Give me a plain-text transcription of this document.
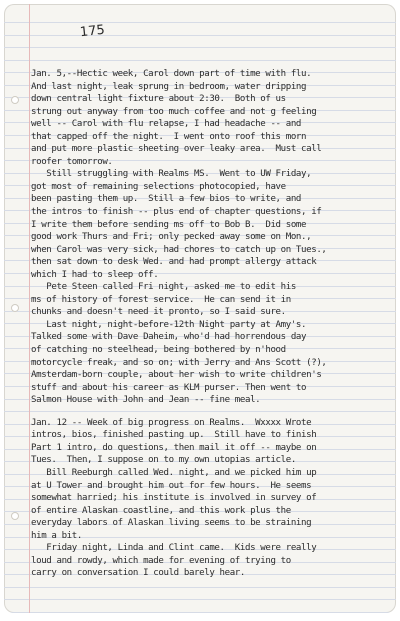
175
Jan. 5,--Hectic week, Carol down part of time with flu.
And last night, leak sprung in bedroom, water dripping
down central light fixture about 2:30.  Both of us
strung out anyway from too much coffee and not g feeling
well -- Carol with flu relapse, I had headache -- and
that capped off the night.  I went onto roof this morn
and put more plastic sheeting over leaky area.  Must call
roofer tomorrow.
Still struggling with Realms MS.  Went to UW Friday,
got most of remaining selections photocopied, have
been pasting them up.  Still a few bios to write, and
the intros to finish -- plus end of chapter questions, if
I write them before sending ms off to Bob B.  Did some
good work Thurs and Fri; only pecked away some on Mon.,
when Carol was very sick, had chores to catch up on Tues.,
then sat down to desk Wed. and had prompt allergy attack
which I had to sleep off.
Pete Steen called Fri night, asked me to edit his
ms of history of forest service.  He can send it in
chunks and doesn't need it pronto, so I said sure.
Last night, night-before-12th Night party at Amy's.
Talked some with Dave Daheim, who'd had horrendous day
of catching no steelhead, being bothered by n'hood
motorcycle freak, and so on; with Jerry and Ans Scott (?),
Amsterdam-born couple, about her wish to write children's
stuff and about his career as KLM purser. Then went to
Salmon House with John and Jean -- fine meal.
Jan. 12 -- Week of big progress on Realms.  Wxxxx Wrote
intros, bios, finished pasting up.  Still have to finish
Part 1 intro, do questions, then mail it off -- maybe on
Tues.  Then, I suppose on to my own utopias article.
Bill Reeburgh called Wed. night, and we picked him up
at U Tower and brought him out for few hours.  He seems
somewhat harried; his institute is involved in survey of
of entire Alaskan coastline, and this work plus the
everyday labors of Alaskan living seems to be straining
him a bit.
Friday night, Linda and Clint came.  Kids were really
loud and rowdy, which made for evening of trying to
carry on conversation I could barely hear.
